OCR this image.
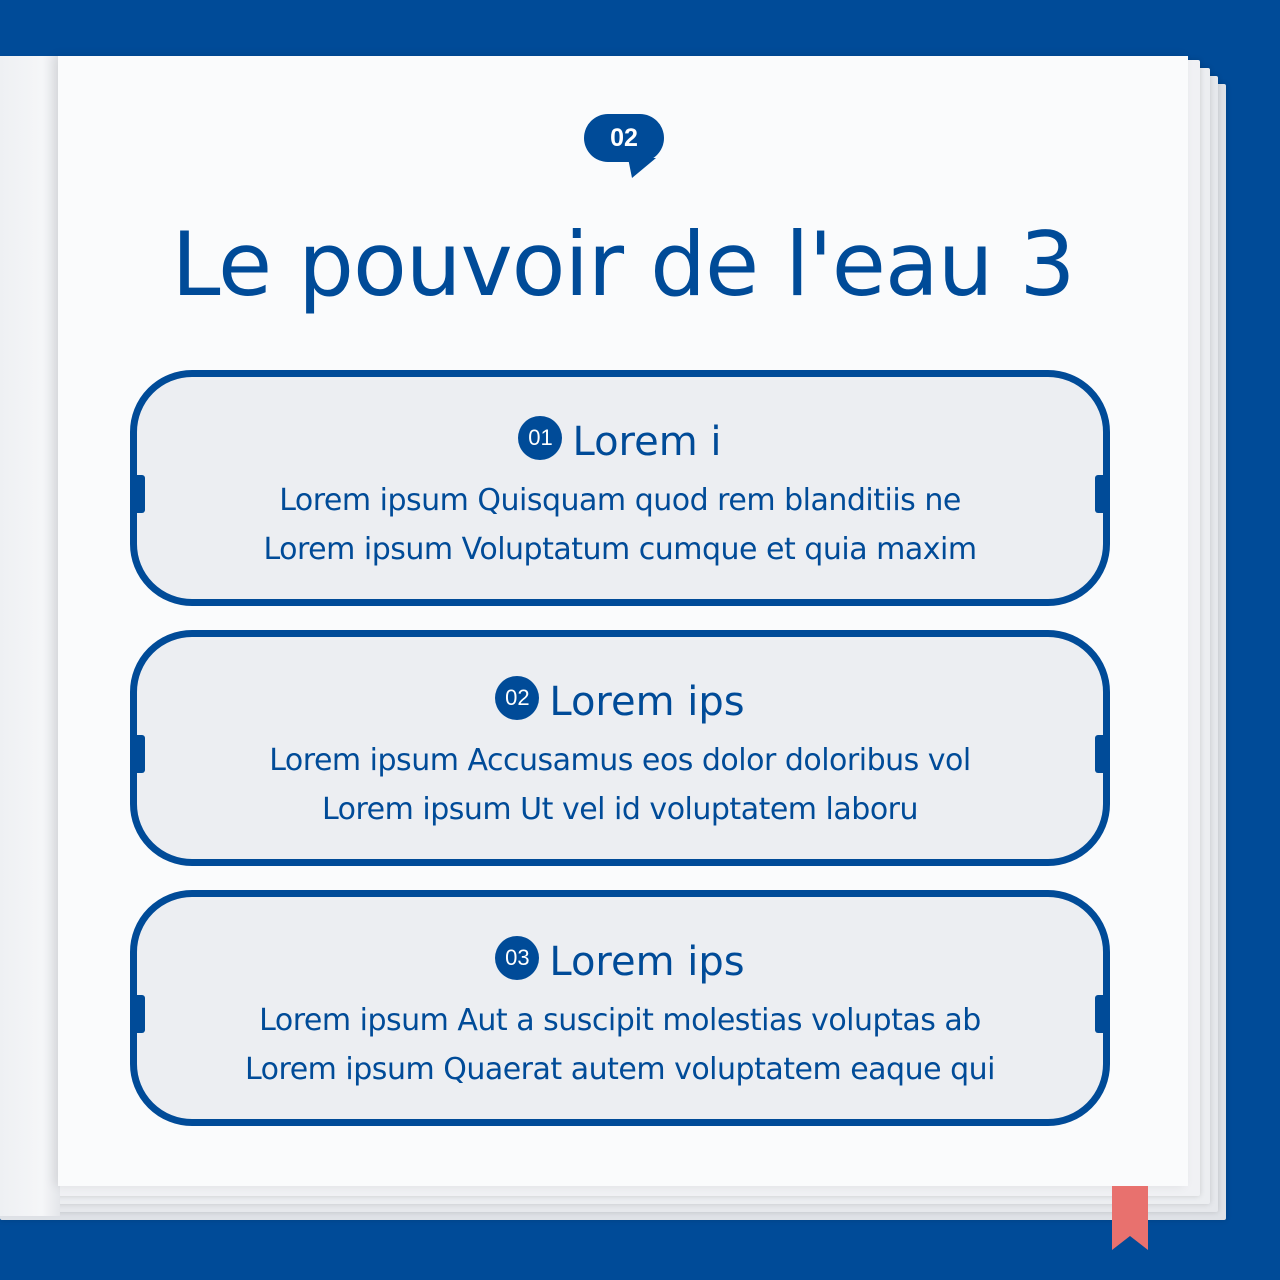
02
Le pouvoir de l'eau 3
01 Lorem i
Lorem ipsum Quisquam quod rem blanditiis ne
Lorem ipsum Voluptatum cumque et quia maxim
02 Lorem ips
Lorem ipsum Accusamus eos dolor doloribus vol
Lorem ipsum Ut vel id voluptatem laboru
03 Lorem ips
Lorem ipsum Aut a suscipit molestias voluptas ab
Lorem ipsum Quaerat autem voluptatem eaque qui
